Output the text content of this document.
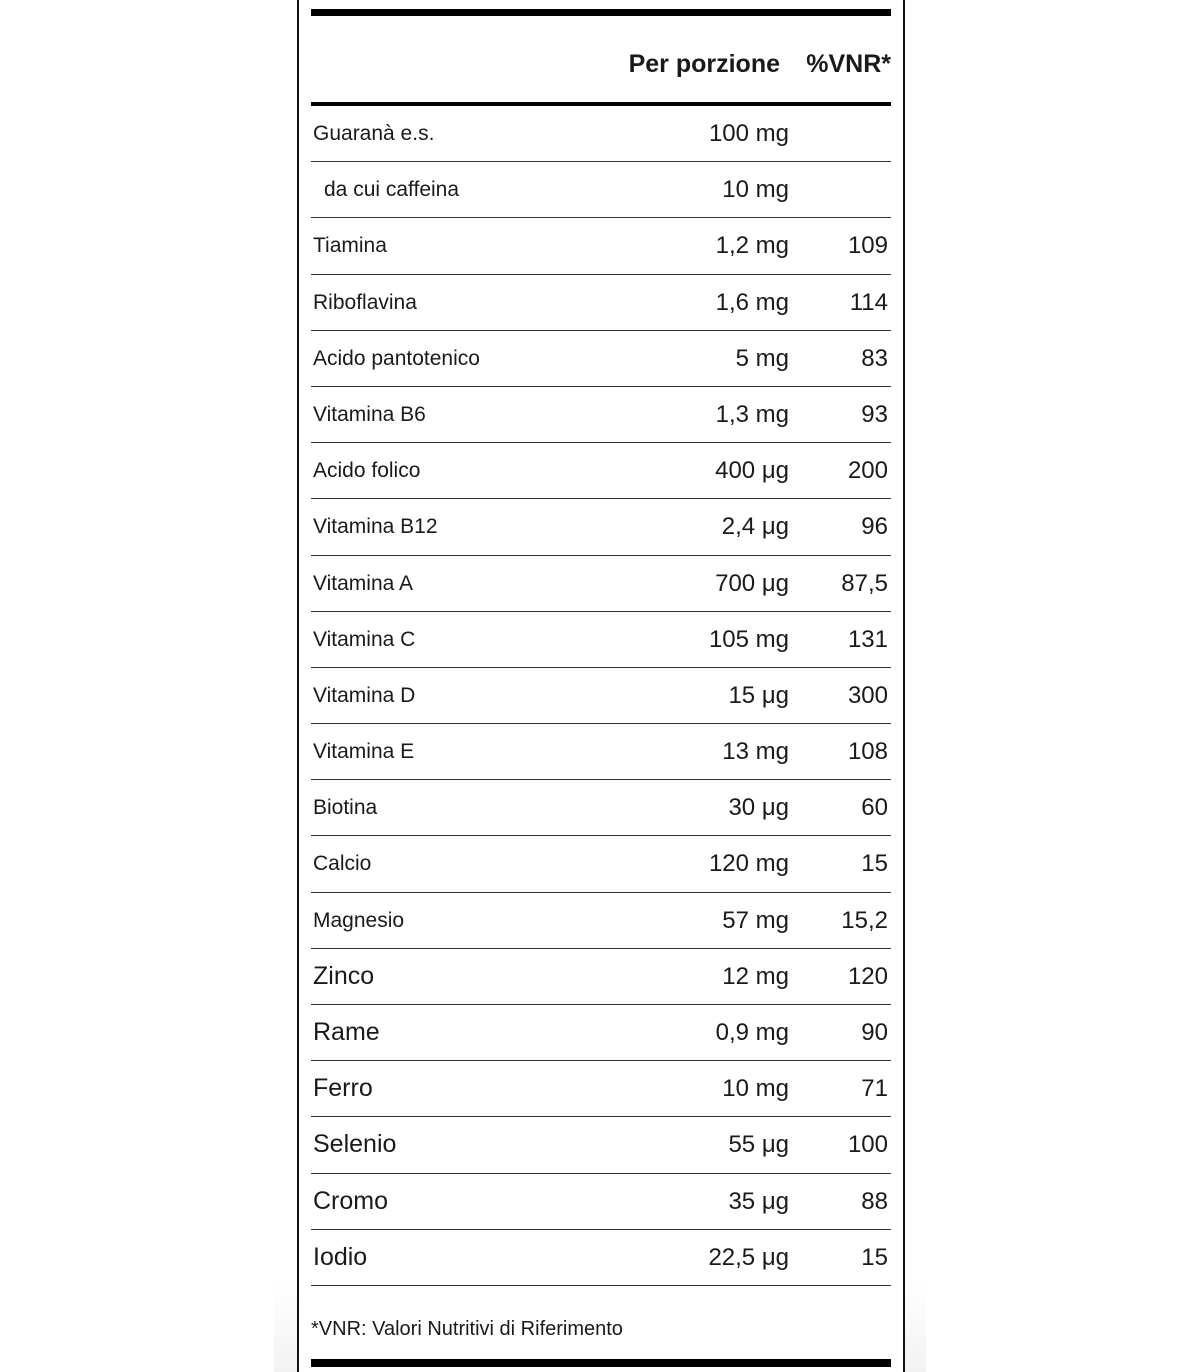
Per porzione %VNR*
Guaranà e.s.	100 mg
da cui caffeina	10 mg
Tiamina	1,2 mg 109
Riboflavina	1,6 mg	114
Acido pantotenico	5 mg	83
Vitamina B6	1,3 mg	93
Acido folico	400 μg 200
Vitamina B12	2,4 μg	96
Vitamina A	700 μg 87,5
Vitamina C	105 mg 131
Vitamina D	15 μg 300
Vitamina E	13 mg 108
Biotina	30 μg	60
Calcio	120 mg	15
Magnesio	57 mg 15,2
Zinco	12 mg 120
Rame	0,9 mg	90
Ferro	10 mg	71
Selenio	55 μg 100
Cromo	35 μg	88
Iodio	22,5 μg	15
*VNR: Valori Nutritivi di Riferimento
